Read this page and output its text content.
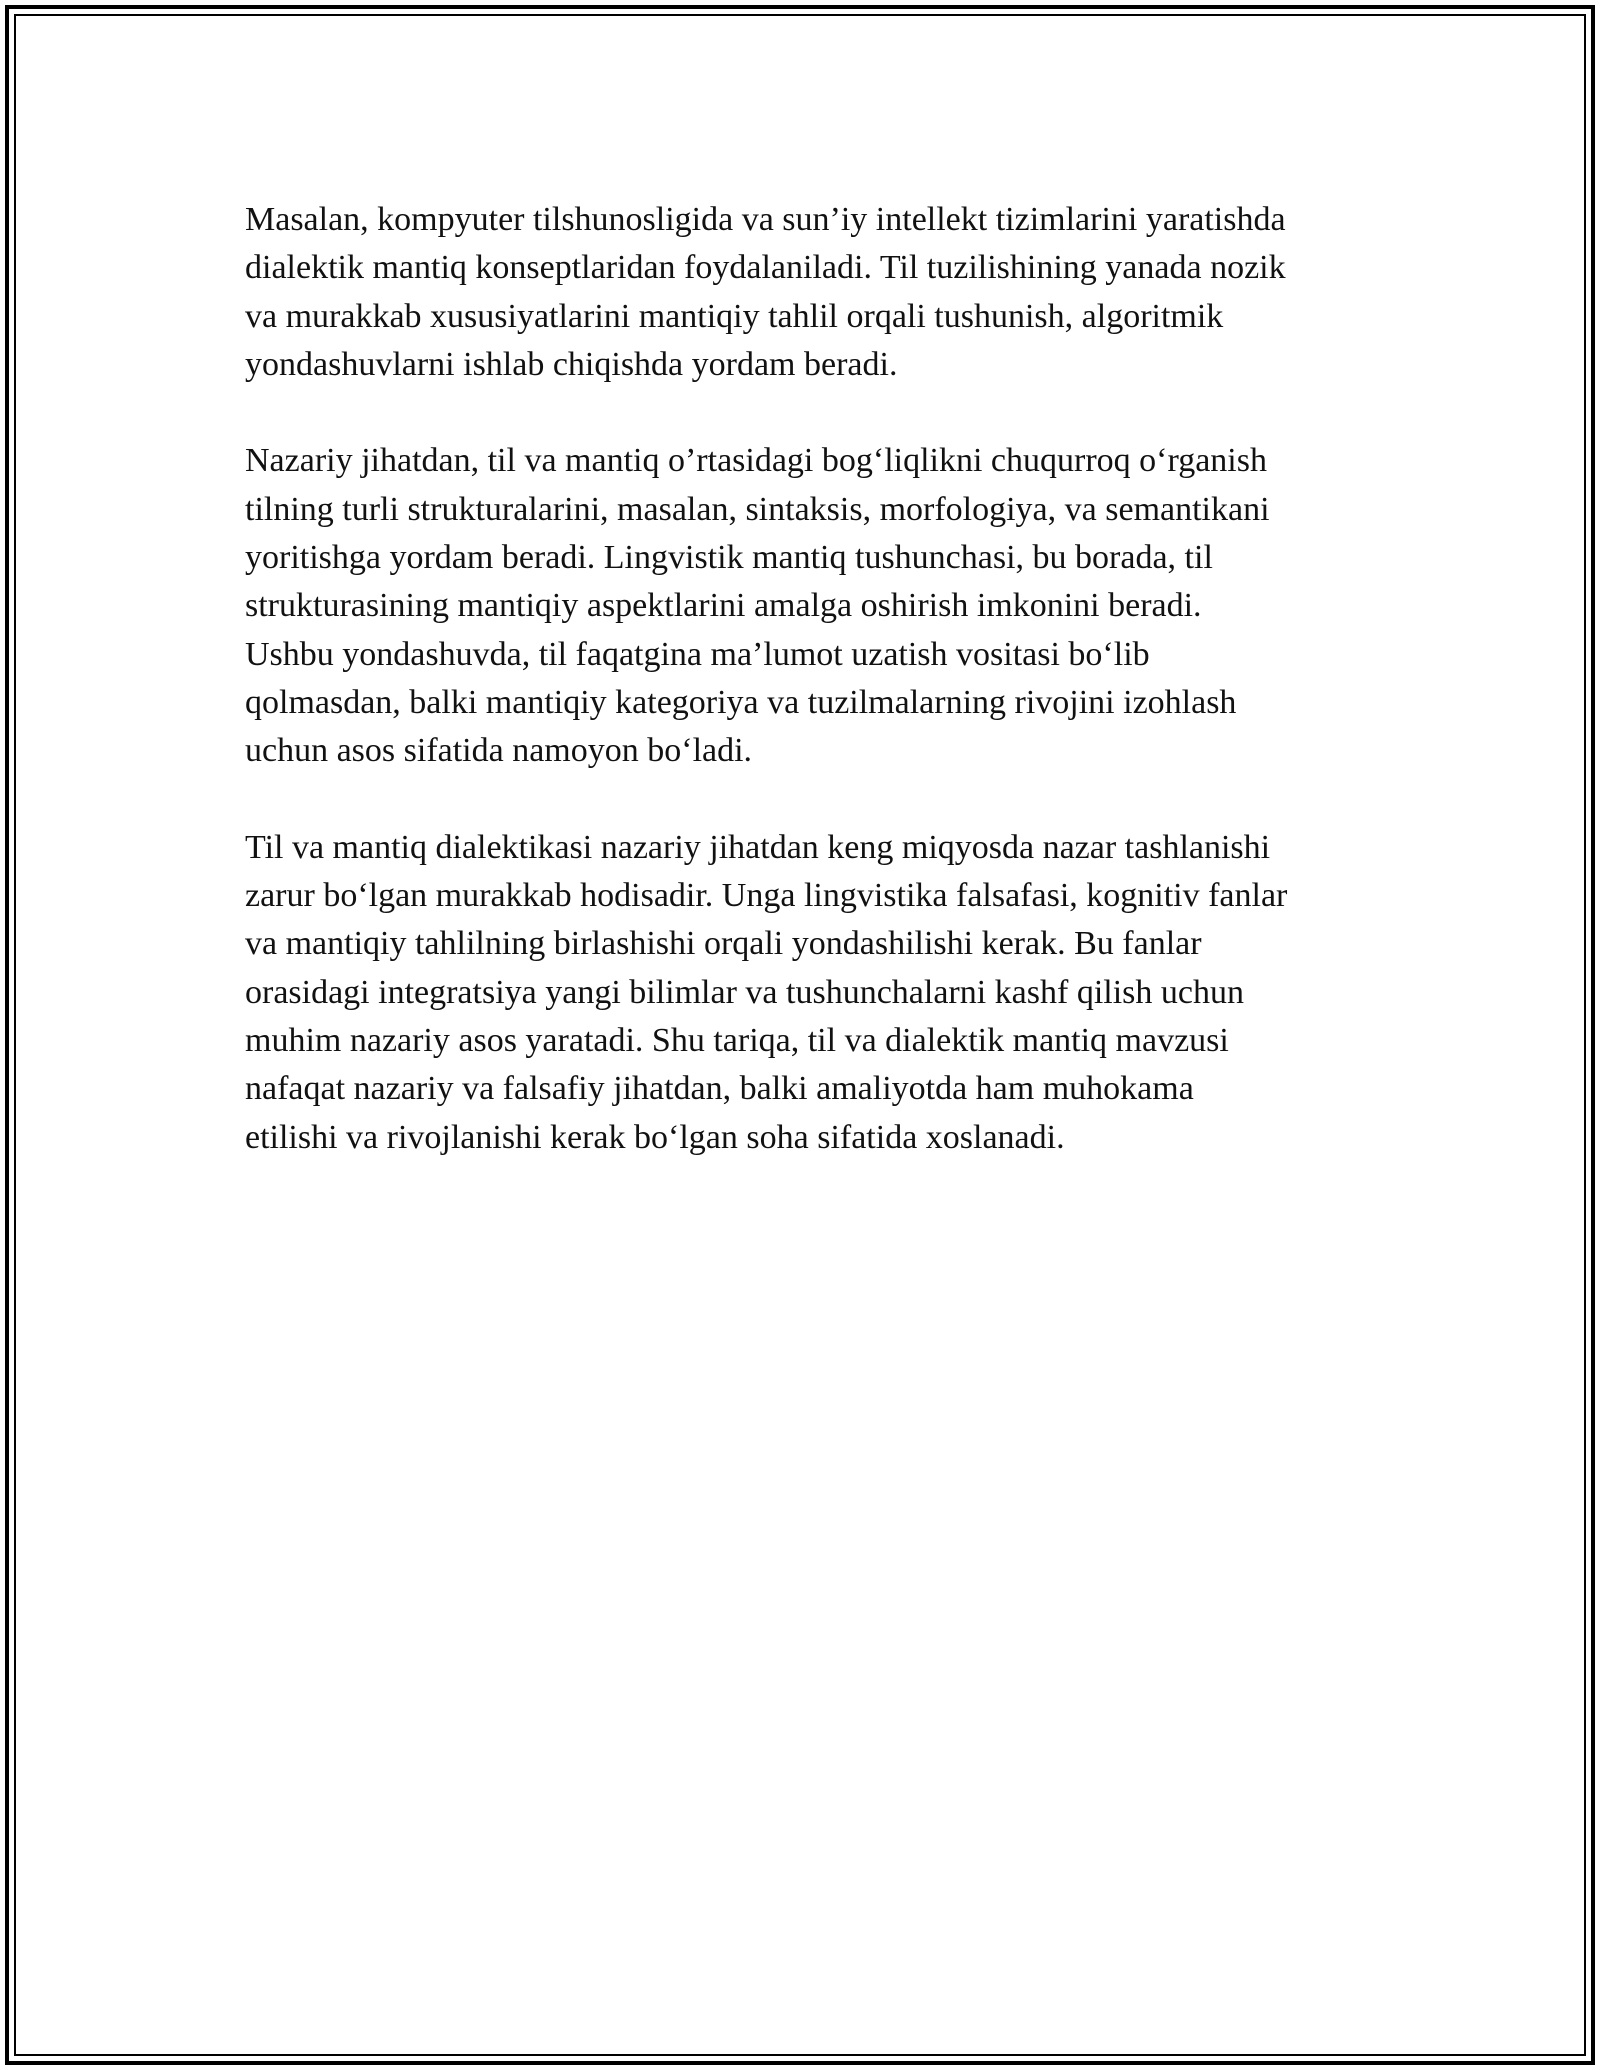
Masalan, kompyuter tilshunosligida va sun’iy intellekt tizimlarini yaratishda
dialektik mantiq konseptlaridan foydalaniladi. Til tuzilishining yanada nozik
va murakkab xususiyatlarini mantiqiy tahlil orqali tushunish, algoritmik
yondashuvlarni ishlab chiqishda yordam beradi.

Nazariy jihatdan, til va mantiq o’rtasidagi bog‘liqlikni chuqurroq o‘rganish
tilning turli strukturalarini, masalan, sintaksis, morfologiya, va semantikani
yoritishga yordam beradi. Lingvistik mantiq tushunchasi, bu borada, til
strukturasining mantiqiy aspektlarini amalga oshirish imkonini beradi.
Ushbu yondashuvda, til faqatgina ma’lumot uzatish vositasi bo‘lib
qolmasdan, balki mantiqiy kategoriya va tuzilmalarning rivojini izohlash
uchun asos sifatida namoyon bo‘ladi.

Til va mantiq dialektikasi nazariy jihatdan keng miqyosda nazar tashlanishi
zarur bo‘lgan murakkab hodisadir. Unga lingvistika falsafasi, kognitiv fanlar
va mantiqiy tahlilning birlashishi orqali yondashilishi kerak. Bu fanlar
orasidagi integratsiya yangi bilimlar va tushunchalarni kashf qilish uchun
muhim nazariy asos yaratadi. Shu tariqa, til va dialektik mantiq mavzusi
nafaqat nazariy va falsafiy jihatdan, balki amaliyotda ham muhokama
etilishi va rivojlanishi kerak bo‘lgan soha sifatida xoslanadi.
